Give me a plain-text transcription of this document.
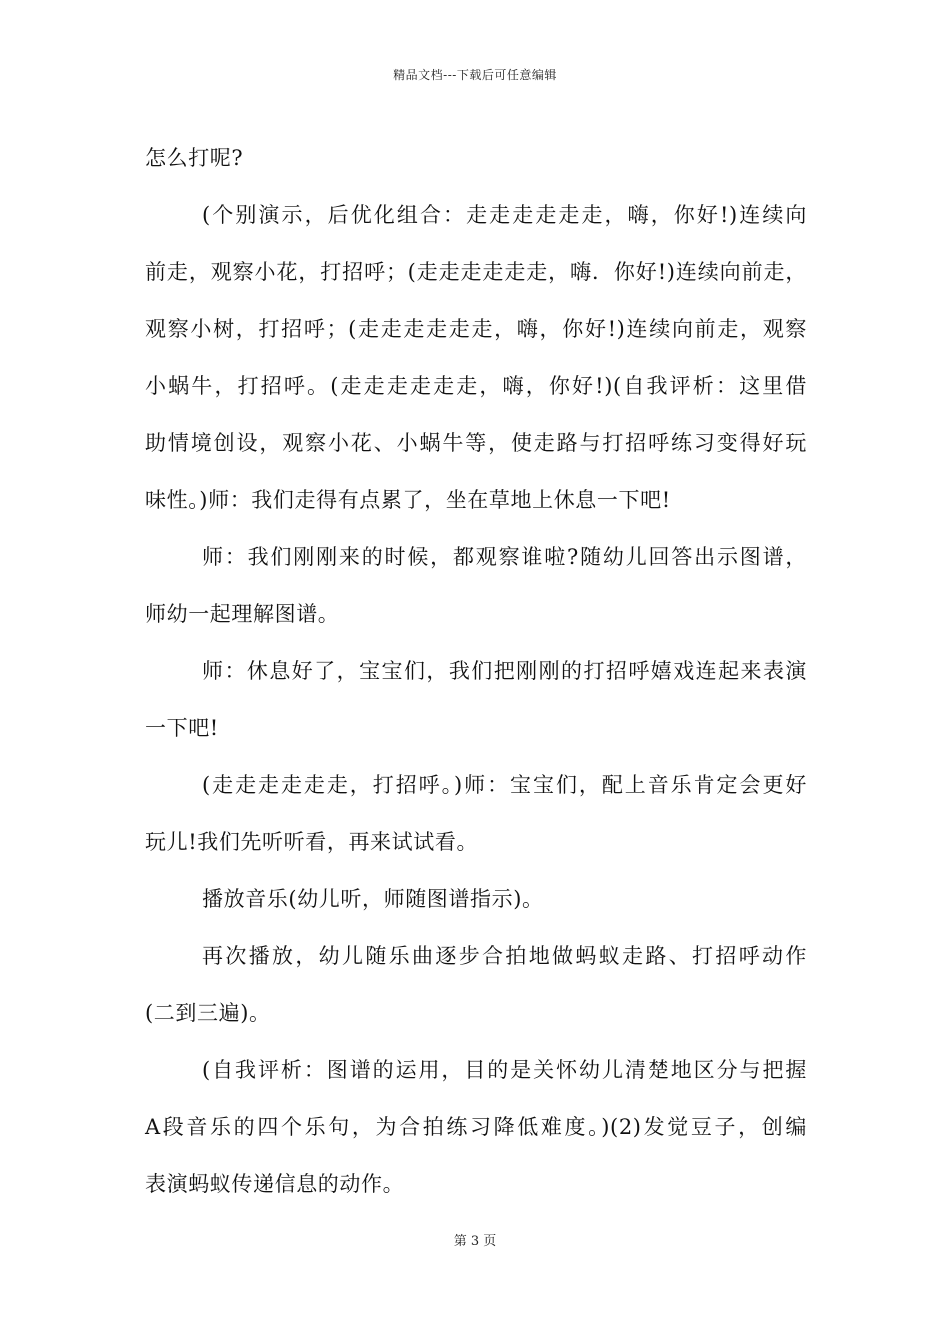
精品文档---下载后可任意编辑
怎么打呢?
(个别演示，后优化组合：走走走走走走，嗨，你好!)连续向
前走，观察小花，打招呼；(走走走走走走，嗨．你好!)连续向前走，
观察小树，打招呼；(走走走走走走，嗨，你好!)连续向前走，观察
小蜗牛，打招呼。(走走走走走走，嗨，你好!)(自我评析：这里借
助情境创设，观察小花、小蜗牛等，使走路与打招呼练习变得好玩
味性。)师：我们走得有点累了，坐在草地上休息一下吧!
师：我们刚刚来的时候，都观察谁啦?随幼儿回答出示图谱，
师幼一起理解图谱。
师：休息好了，宝宝们，我们把刚刚的打招呼嬉戏连起来表演
一下吧!
(走走走走走走，打招呼。)师：宝宝们，配上音乐肯定会更好
玩儿!我们先听听看，再来试试看。
播放音乐(幼儿听，师随图谱指示)。
再次播放，幼儿随乐曲逐步合拍地做蚂蚁走路、打招呼动作
(二到三遍)。
(自我评析：图谱的运用，目的是关怀幼儿清楚地区分与把握
A段音乐的四个乐句，为合拍练习降低难度。)(2)发觉豆子，创编
表演蚂蚁传递信息的动作。
第 3 页
